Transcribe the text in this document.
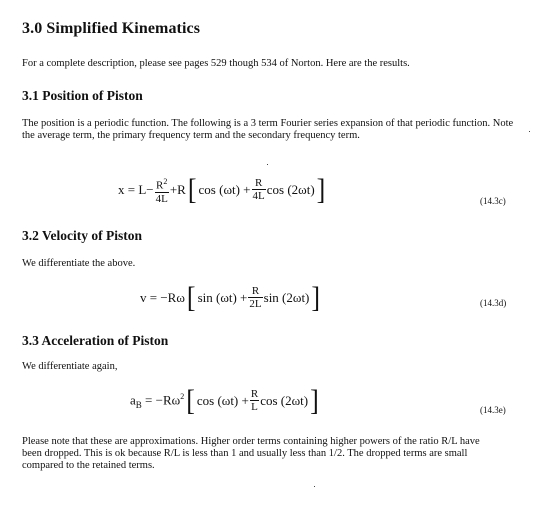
3.0 Simplified Kinematics

For a complete description, please see pages 529 though 534 of Norton. Here are the results.

3.1 Position of Piston

The position is a periodic function. The following is a 3 term Fourier series expansion of that periodic function. Note the average term, the primary frequency term and the secondary frequency term.

$x = L- \frac{R^2}{4L} +R$ [ $\cos (\omega t) + \frac{R}{4L}$ cos (2ωt) ]	(14.3c)
3.2 Velocity of Piston

We differentiate the above.

v = −Rω [ $\sin (\omega t) + \frac{R}{2L}$ sin (2ωt) ]	(14.3d)
3.3 Acceleration of Piston

We differentiate again,

$a_B = -R\omega^2$ [ $\cos (\omega t) + \frac{R}{L}$ cos (2ωt) ]	(14.3e)

Please note that these are approximations. Higher order terms containing higher powers of the ratio R/L have been dropped. This is ok because R/L is less than 1 and usually less than 1/2. The dropped terms are small compared to the retained terms.
